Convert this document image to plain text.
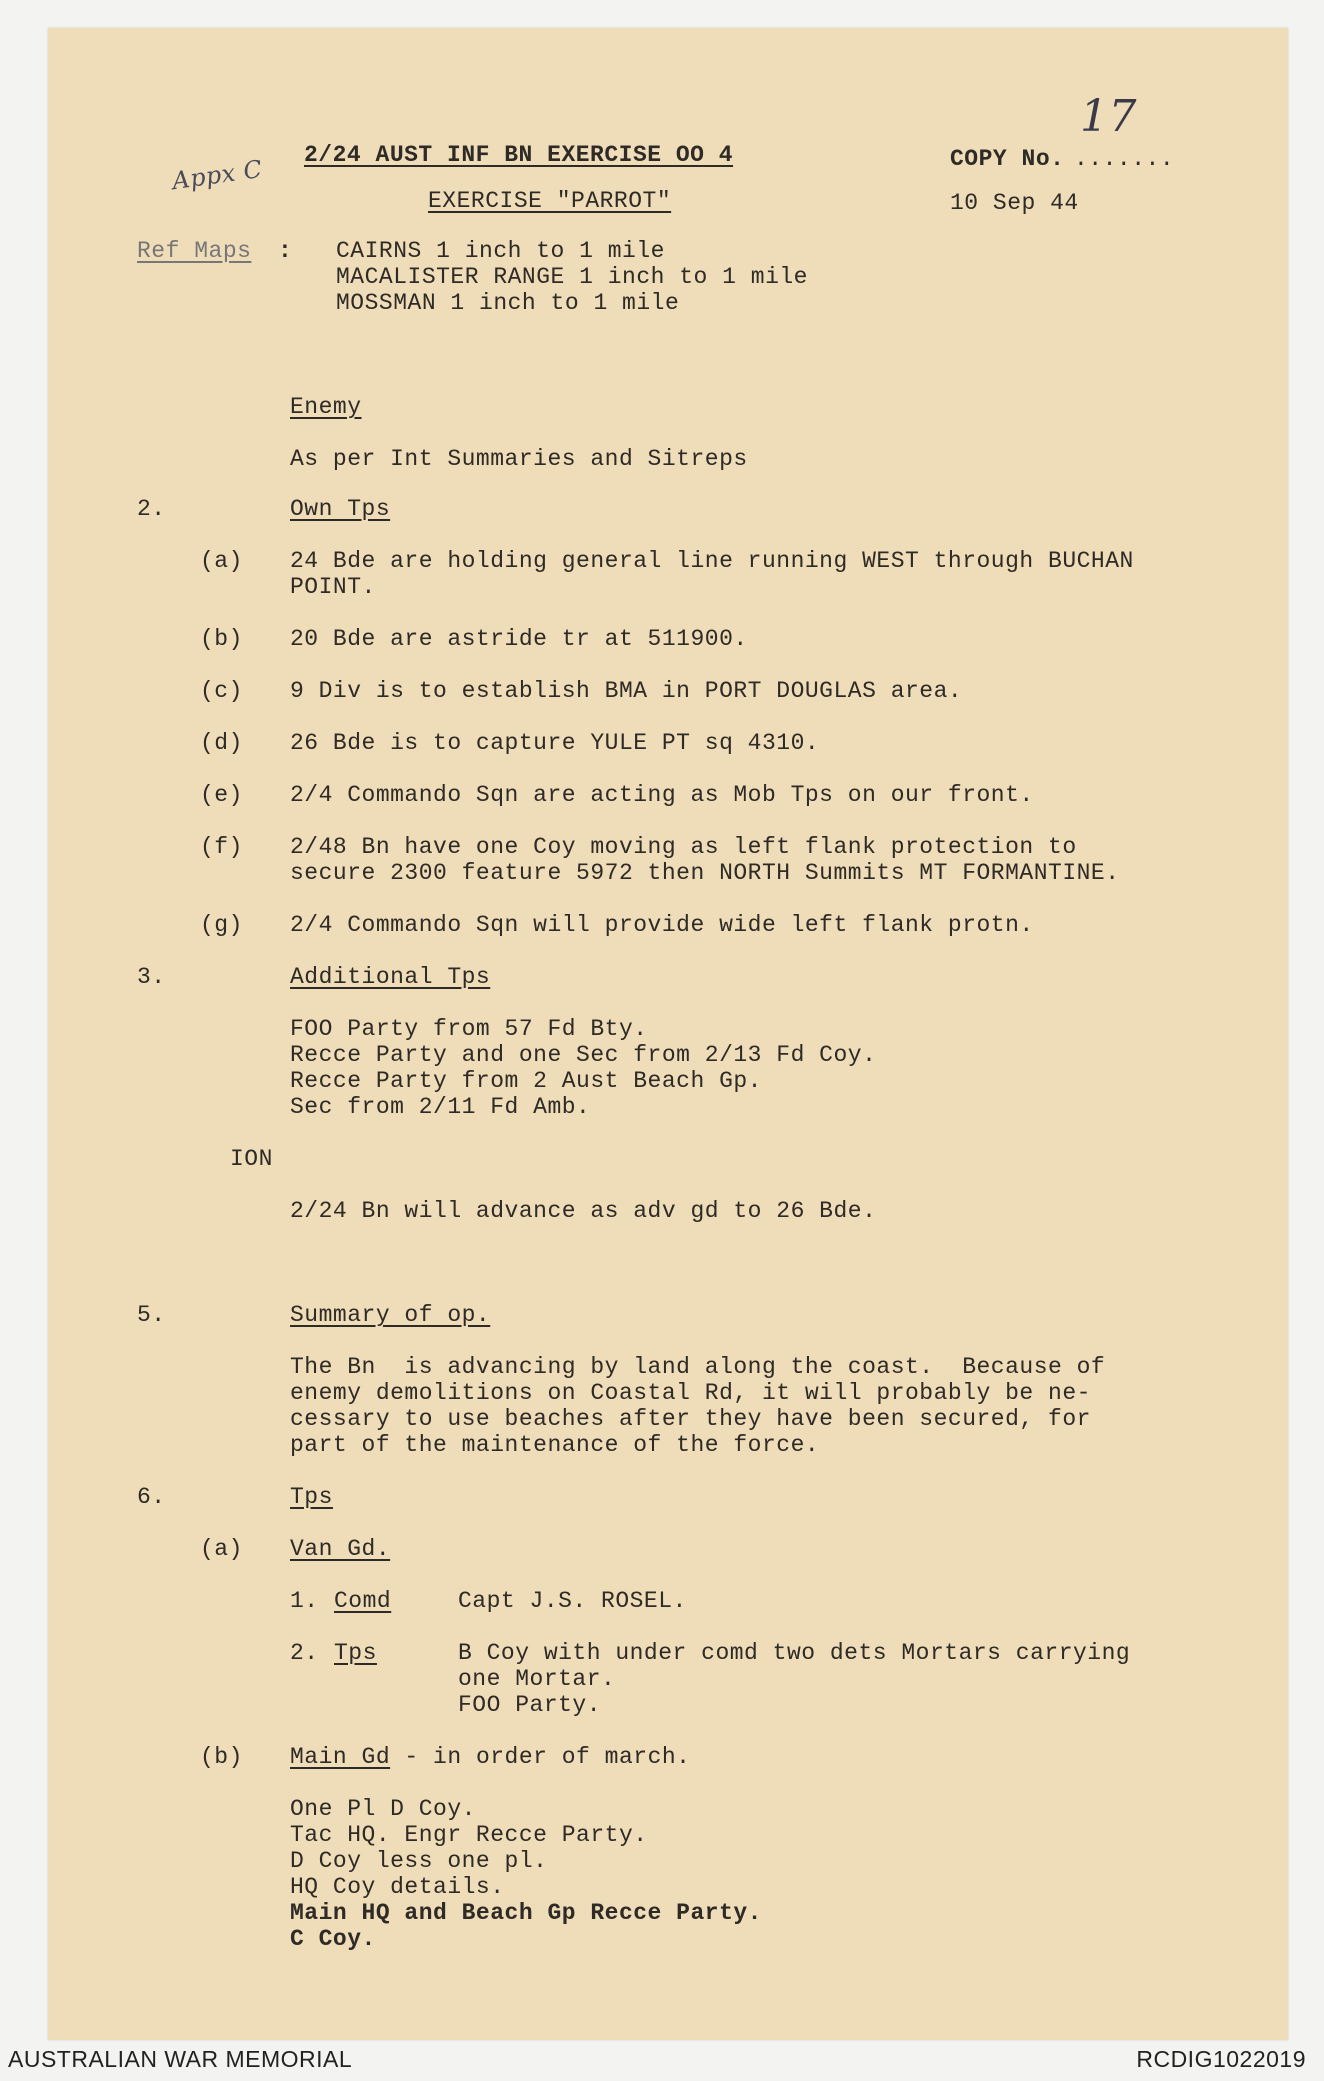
Appx C 2/24 AUST INF BN EXERCISE OO 4
EXERCISE "PARROT"
COPY No. .......
17
10 Sep 44
Ref Maps : CAIRNS 1 inch to 1 mile
MACALISTER RANGE 1 inch to 1 mile
MOSSMAN 1 inch to 1 mile
Enemy
As per Int Summaries and Sitreps
2.	Own Tps
(a) 24 Bde are holding general line running WEST through BUCHAN
POINT.
(b) 20 Bde are astride tr at 511900.
(c) 9 Div is to establish BMA in PORT DOUGLAS area.
(d) 26 Bde is to capture YULE PT sq 4310.
(e) 2/4 Commando Sqn are acting as Mob Tps on our front.
(f) 2/48 Bn have one Coy moving as left flank protection to
secure 2300 feature 5972 then NORTH Summits MT FORMANTINE.
(g) 2/4 Commando Sqn will provide wide left flank protn.
3.	Additional Tps
FOO Party from 57 Fd Bty.
Recce Party and one Sec from 2/13 Fd Coy.
Recce Party from 2 Aust Beach Gp.
Sec from 2/11 Fd Amb.
ION
2/24 Bn will advance as adv gd to 26 Bde.
5.	Summary of op.
The Bn  is advancing by land along the coast.  Because of
enemy demolitions on Coastal Rd, it will probably be ne-
cessary to use beaches after they have been secured, for
part of the maintenance of the force.
6.	Tps
(a) Van Gd.
1. Comd	Capt J.S. ROSEL.
2. Tps	B Coy with under comd two dets Mortars carrying
one Mortar.
FOO Party.
(b) Main Gd - in order of march.
One Pl D Coy.
Tac HQ. Engr Recce Party.
D Coy less one pl.
HQ Coy details.
Main HQ and Beach Gp Recce Party.
C Coy.
AUSTRALIAN WAR MEMORIAL	RCDIG1022019
